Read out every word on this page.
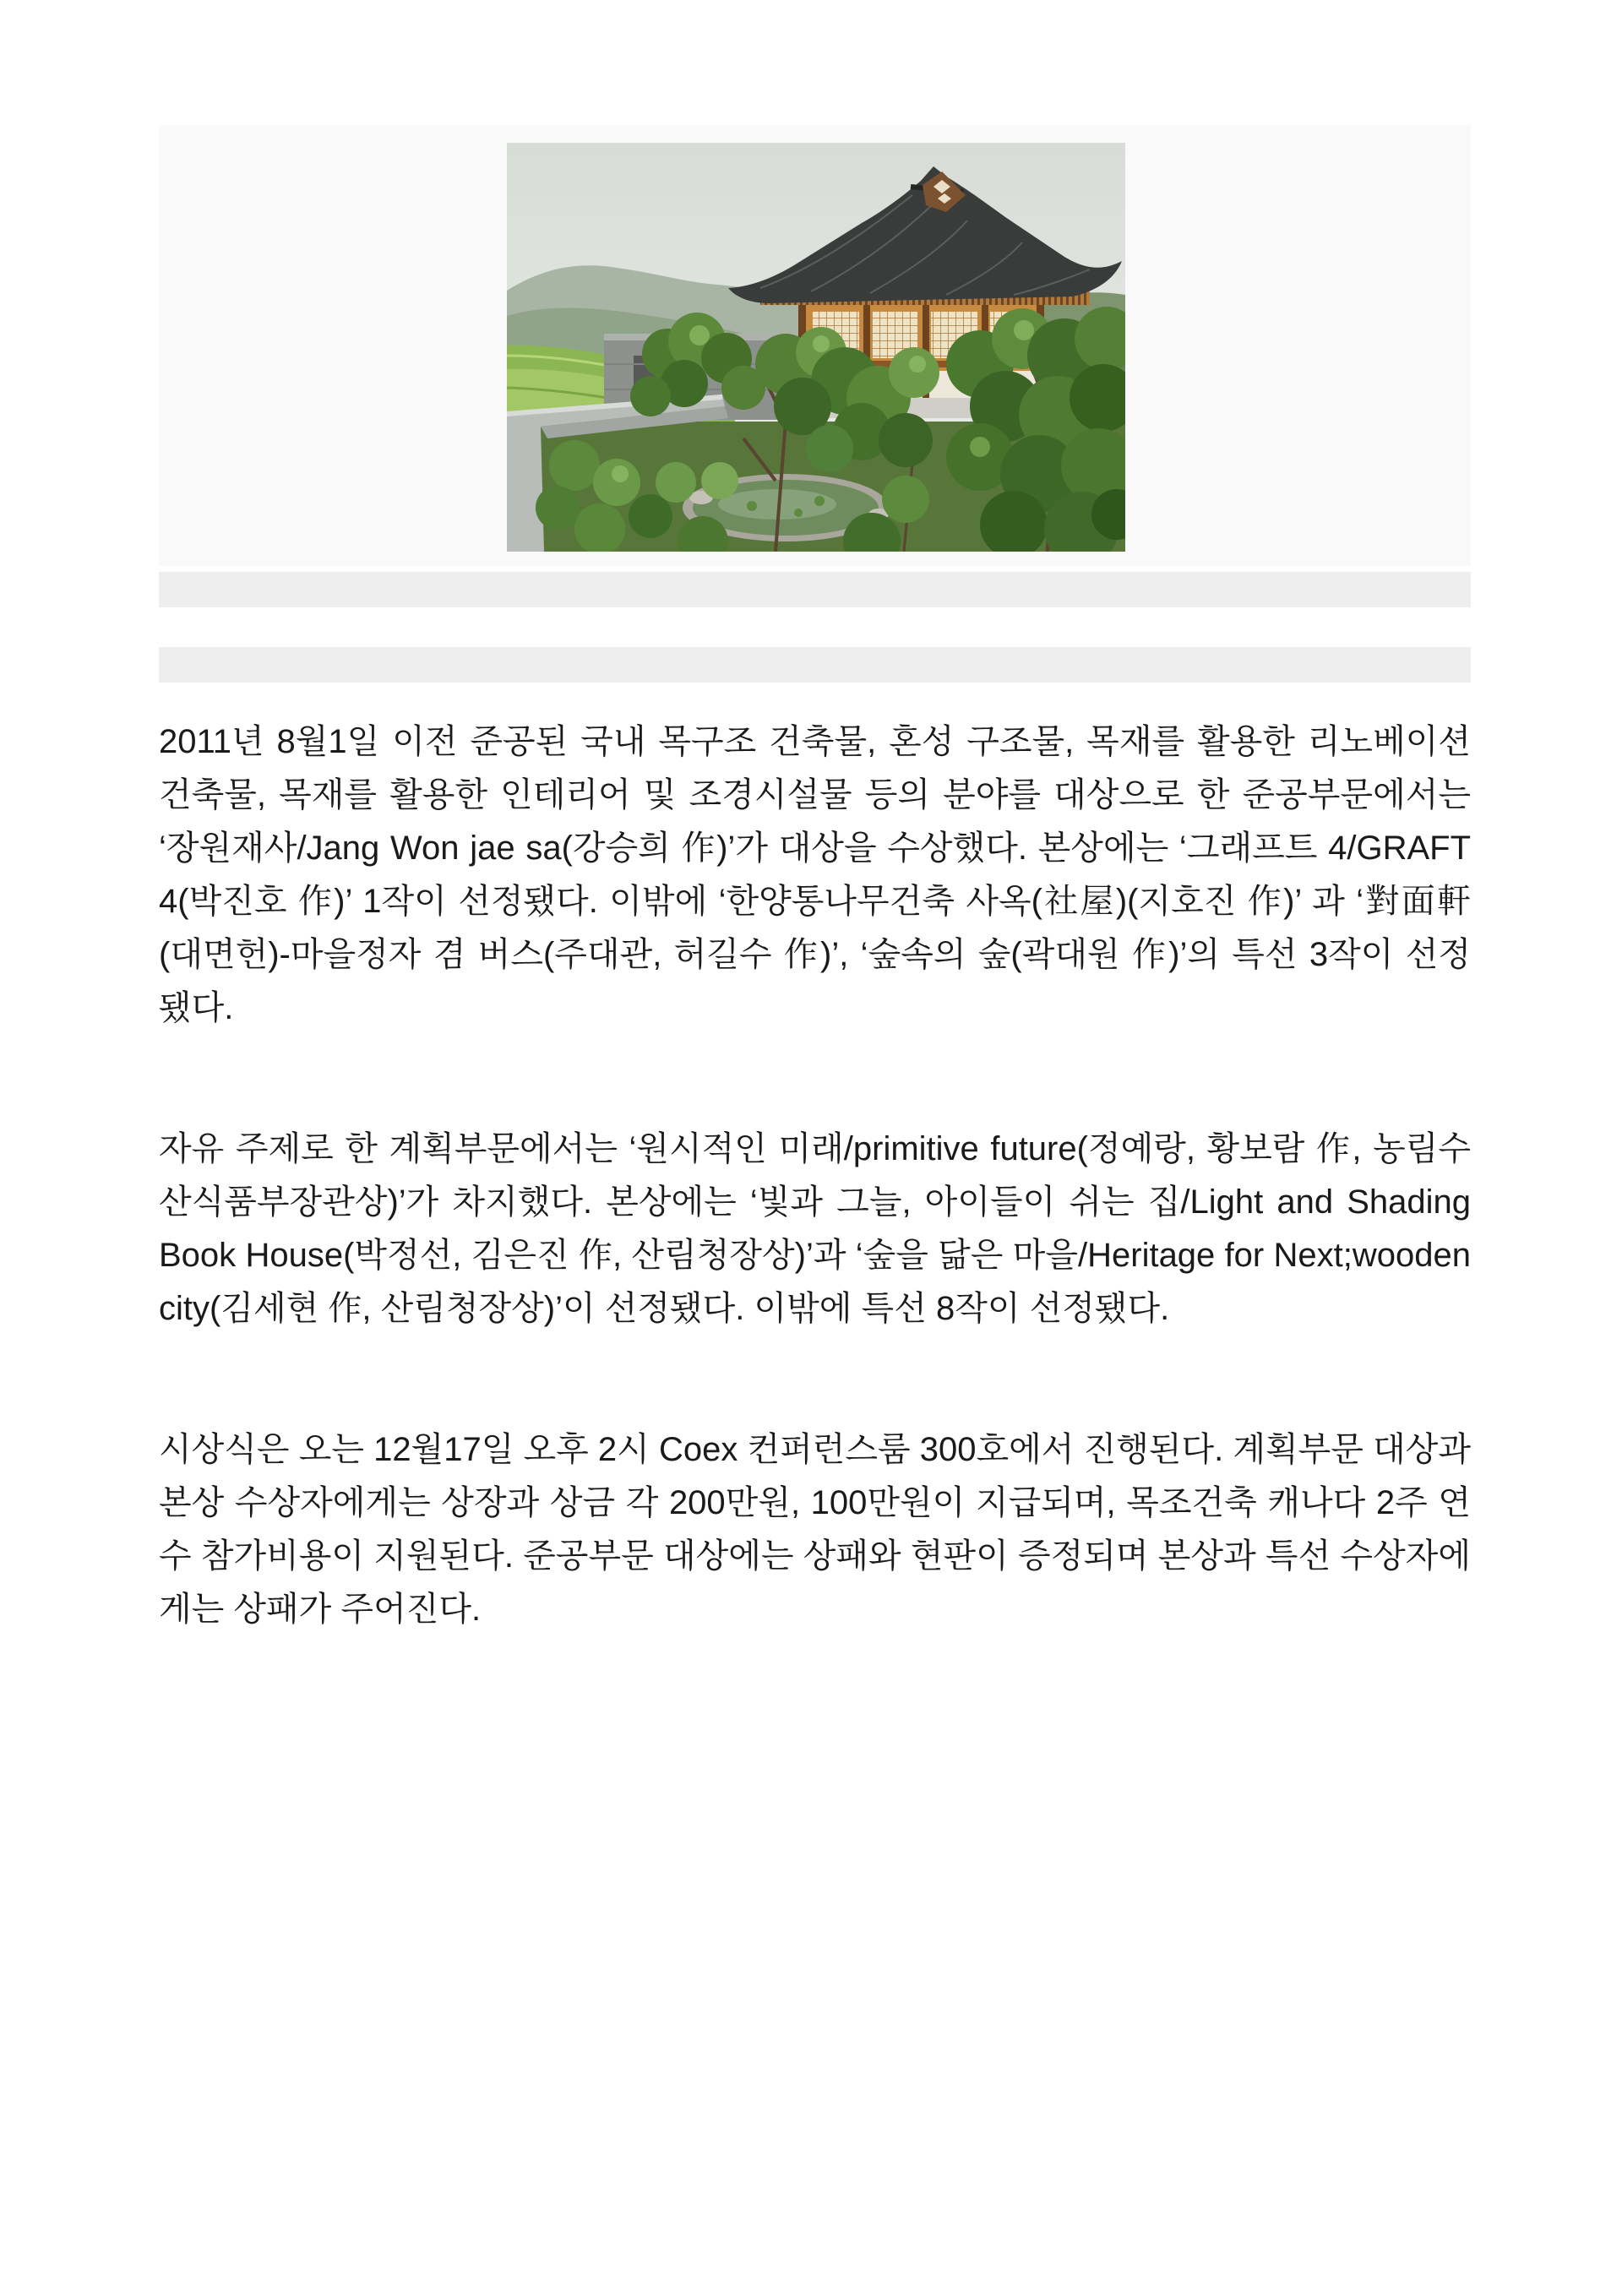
2011년 8월1일 이전 준공된 국내 목구조 건축물, 혼성 구조물, 목재를 활용한 리노베이션 건축물, 목재를 활용한 인테리어 및 조경시설물 등의 분야를 대상으로 한 준공부문에서는 ‘장원재사/Jang Won jae sa(강승희 作)’가 대상을 수상했다. 본상에는 ‘그래프트 4/GRAFT 4(박진호 作)’ 1작이 선정됐다. 이밖에 ‘한양통나무건축 사옥(社屋)(지호진 作)’ 과 ‘對面軒(대면헌)-마을정자 겸 버스(주대관, 허길수 作)’, ‘숲속의 숲(곽대원 作)’의 특선 3작이 선정됐다.

자유 주제로 한 계획부문에서는 ‘원시적인 미래/primitive future(정예랑, 황보람 作, 농림수산식품부장관상)’가 차지했다. 본상에는 ‘빛과 그늘, 아이들이 쉬는 집/Light and Shading Book House(박정선, 김은진 作, 산림청장상)’과 ‘숲을 닮은 마을/Heritage for Next;wooden city(김세현 作, 산림청장상)’이 선정됐다. 이밖에 특선 8작이 선정됐다.

시상식은 오는 12월17일 오후 2시 Coex 컨퍼런스룸 300호에서 진행된다. 계획부문 대상과 본상 수상자에게는 상장과 상금 각 200만원, 100만원이 지급되며, 목조건축 캐나다 2주 연수 참가비용이 지원된다. 준공부문 대상에는 상패와 현판이 증정되며 본상과 특선 수상자에게는 상패가 주어진다.
